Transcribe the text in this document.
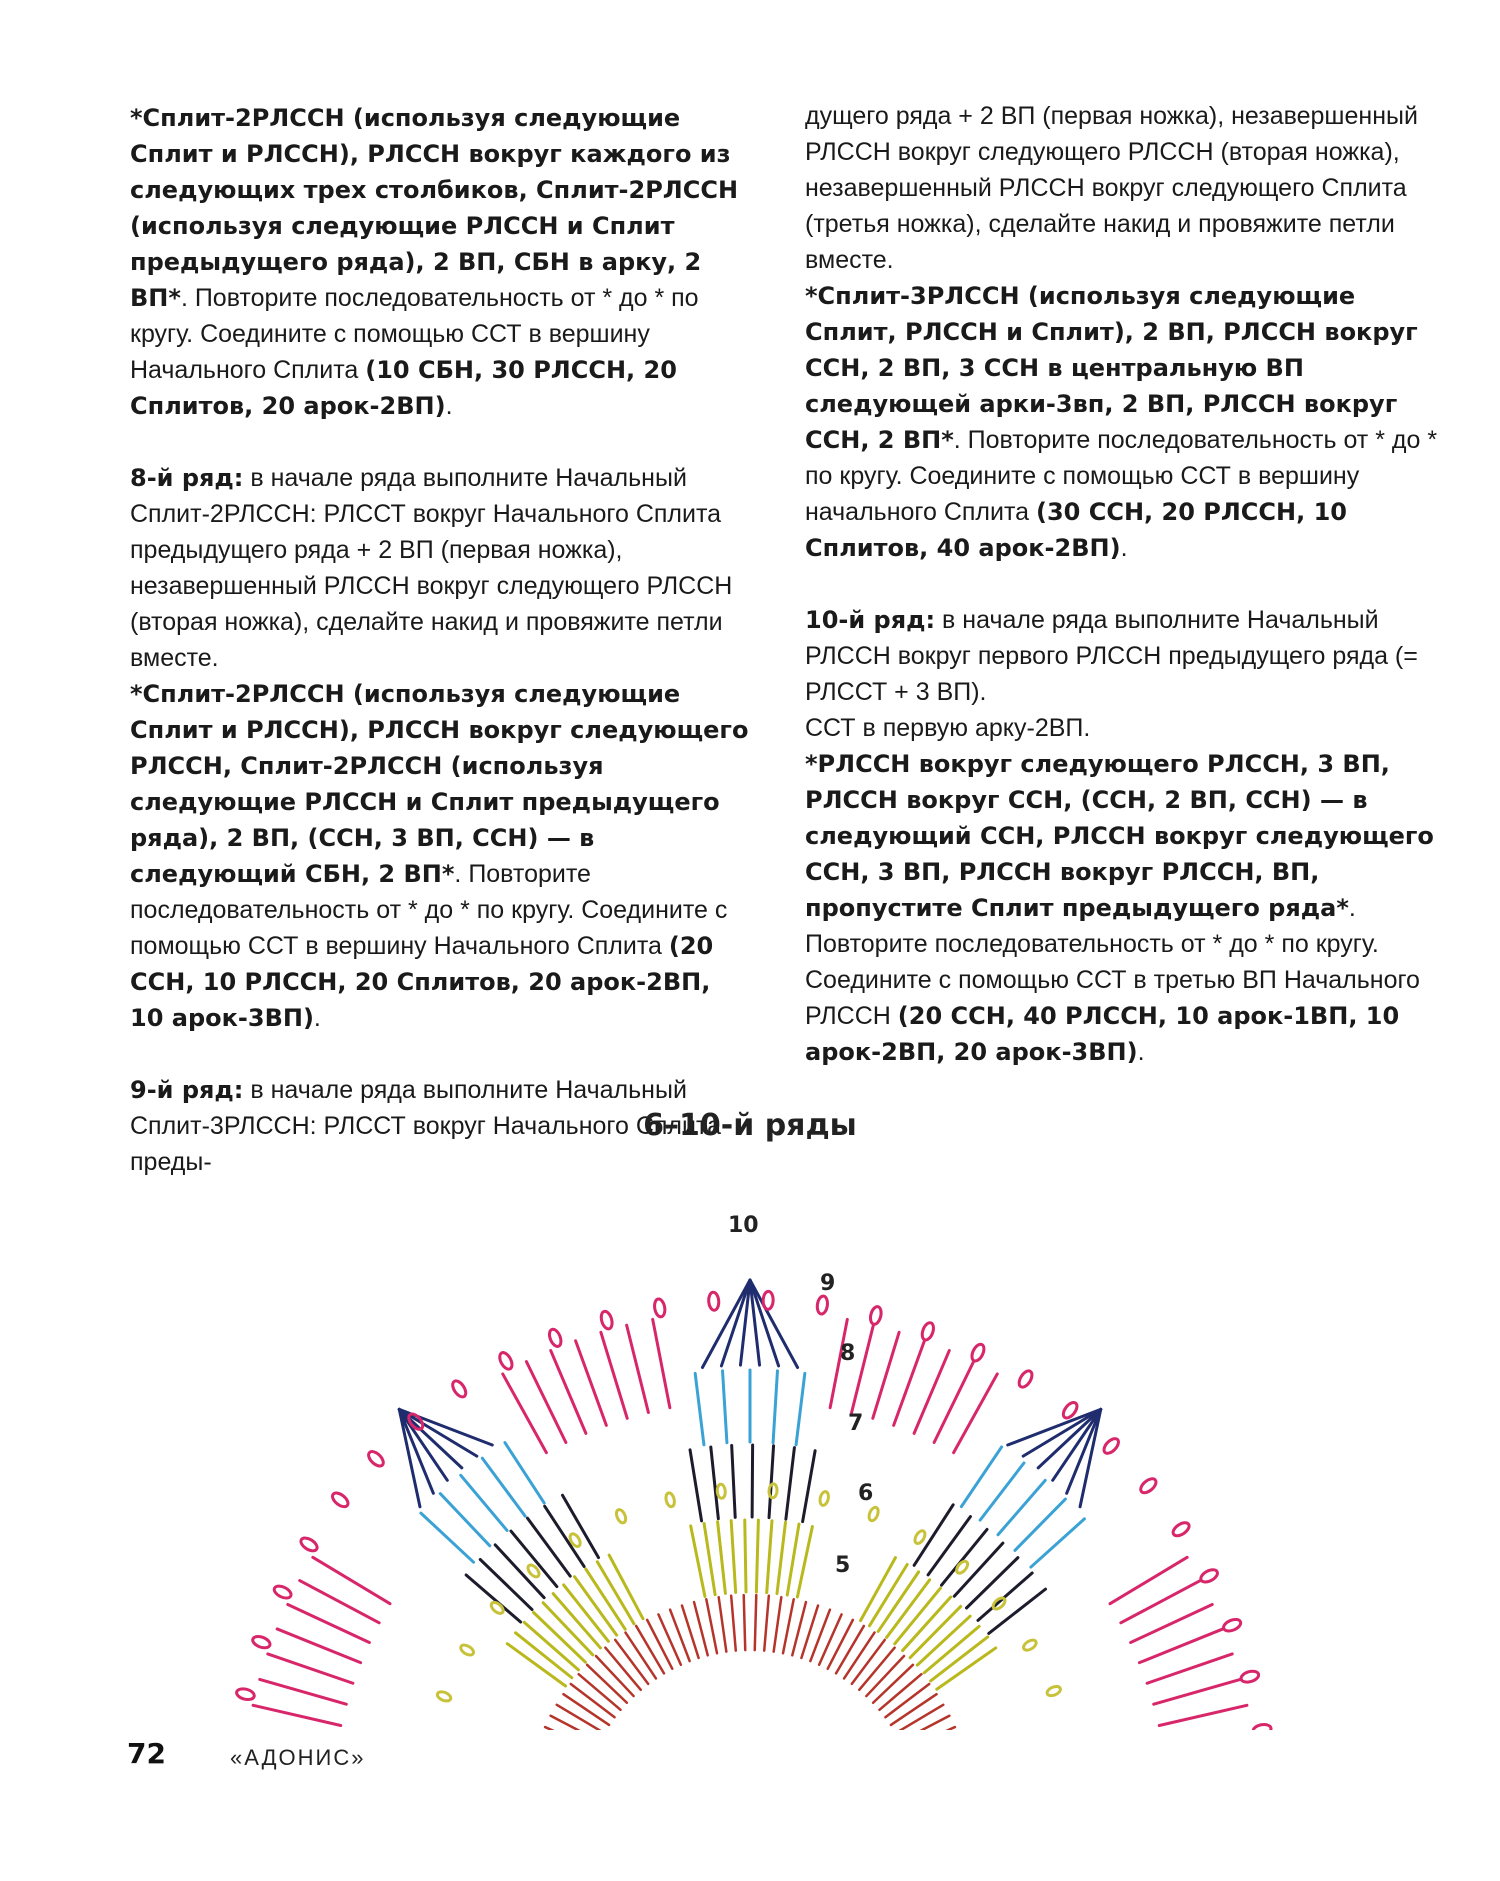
*Сплит-2РЛССН (используя следующие Сплит и РЛССН), РЛССН вокруг каждого из следующих трех столбиков, Сплит-2РЛССН (используя следующие РЛССН и Сплит предыдущего ряда), 2 ВП, СБН в арку, 2 ВП*. Повторите последовательность от * до * по кругу. Соедините с помощью ССТ в вершину Начального Сплита (10 СБН, 30 РЛССН, 20 Сплитов, 20 арок-2ВП).

8-й ряд: в начале ряда выполните Начальный Сплит-2РЛССН: РЛССТ вокруг Начального Сплита предыдущего ряда + 2 ВП (первая ножка), незавершенный РЛССН вокруг следующего РЛССН (вторая ножка), сделайте накид и провяжите петли вместе.

*Сплит-2РЛССН (используя следующие Сплит и РЛССН), РЛССН вокруг следующего РЛССН, Сплит-2РЛССН (используя следующие РЛССН и Сплит предыдущего ряда), 2 ВП, (ССН, 3 ВП, ССН) — в следующий СБН, 2 ВП*. Повторите последовательность от * до * по кругу. Соедините с помощью ССТ в вершину Начального Сплита (20 ССН, 10 РЛССН, 20 Сплитов, 20 арок-2ВП, 10 арок-3ВП).

9-й ряд: в начале ряда выполните Начальный Сплит-3РЛССН: РЛССТ вокруг Начального Сплита преды-

дущего ряда + 2 ВП (первая ножка), незавершенный РЛССН вокруг следующего РЛССН (вторая ножка), незавершенный РЛССН вокруг следующего Сплита (третья ножка), сделайте накид и провяжите петли вместе.

*Сплит-3РЛССН (используя следующие Сплит, РЛССН и Сплит), 2 ВП, РЛССН вокруг ССН, 2 ВП, 3 ССН в центральную ВП следующей арки-3вп, 2 ВП, РЛССН вокруг ССН, 2 ВП*. Повторите последовательность от * до * по кругу. Соедините с помощью ССТ в вершину начального Сплита (30 ССН, 20 РЛССН, 10 Сплитов, 40 арок-2ВП).

10-й ряд: в начале ряда выполните Начальный РЛССН вокруг первого РЛССН предыдущего ряда (= РЛССТ + 3 ВП).

ССТ в первую арку-2ВП.

*РЛССН вокруг следующего РЛССН, 3 ВП, РЛССН вокруг ССН, (ССН, 2 ВП, ССН) — в следующий ССН, РЛССН вокруг следующего ССН, 3 ВП, РЛССН вокруг РЛССН, ВП, пропустите Сплит предыдущего ряда*. Повторите последовательность от * до * по кругу. Соедините с помощью ССТ в третью ВП Начального РЛССН (20 ССН, 40 РЛССН, 10 арок-1ВП, 10 арок-2ВП, 20 арок-3ВП).

6–10-й ряды
5
6
7
8
9
10
72	«АДОНИС»
